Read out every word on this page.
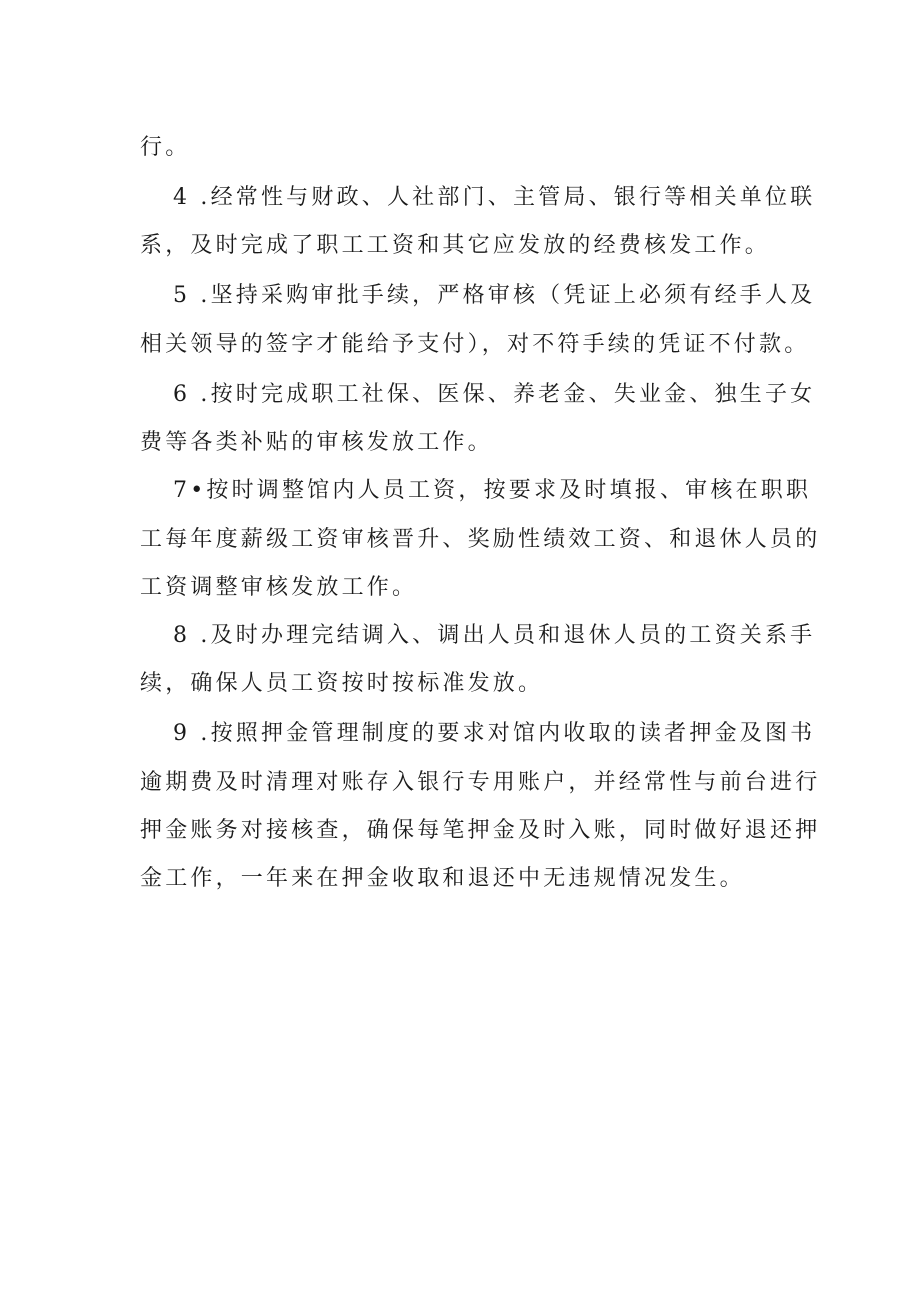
行。
4 .经常性与财政、人社部门、主管局、银行等相关单位联
系，及时完成了职工工资和其它应发放的经费核发工作。
5 .坚持采购审批手续，严格审核（凭证上必须有经手人及
相关领导的签字才能给予支付），对不符手续的凭证不付款。
6 .按时完成职工社保、医保、养老金、失业金、独生子女
费等各类补贴的审核发放工作。
7•按时调整馆内人员工资，按要求及时填报、审核在职职
工每年度薪级工资审核晋升、奖励性绩效工资、和退休人员的
工资调整审核发放工作。
8 .及时办理完结调入、调出人员和退休人员的工资关系手
续，确保人员工资按时按标准发放。
9 .按照押金管理制度的要求对馆内收取的读者押金及图书
逾期费及时清理对账存入银行专用账户，并经常性与前台进行
押金账务对接核查，确保每笔押金及时入账，同时做好退还押
金工作，一年来在押金收取和退还中无违规情况发生。
